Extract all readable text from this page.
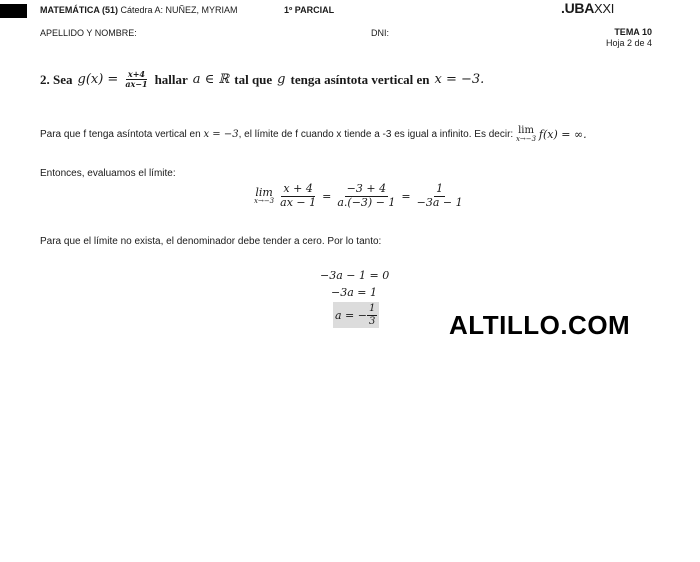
MATEMÁTICA (51) Cátedra A: NUÑEZ, MYRIAM	1º PARCIAL	.UBAXXI
APELLIDO Y NOMBRE:	DNI:	TEMA 10
Hoja 2 de 4
2. Sea $g(x) = \frac{x+4}{ax-1}$ hallar a ∈ ℝ tal que g tenga asíntota vertical en x = −3.
Para que f tenga asíntota vertical en
x = −3 , el límite de f cuando x tiende a -3 es igual a infinito. Es decir:
lim
x→−3
f(x) = ∞.
Entonces, evaluamos el límite:
lim
$x\to-3 \frac{x + 4}{ax - 1} = \frac{-3 + 4}{a.(-3) - 1} = \frac{1}{-3a - 1}$
Para que el límite no exista, el denominador debe tender a cero. Por lo tanto:
−3a − 1 = 0
−3a = 1
a = − $\frac{1}{3}$	ALTILLO.COM
